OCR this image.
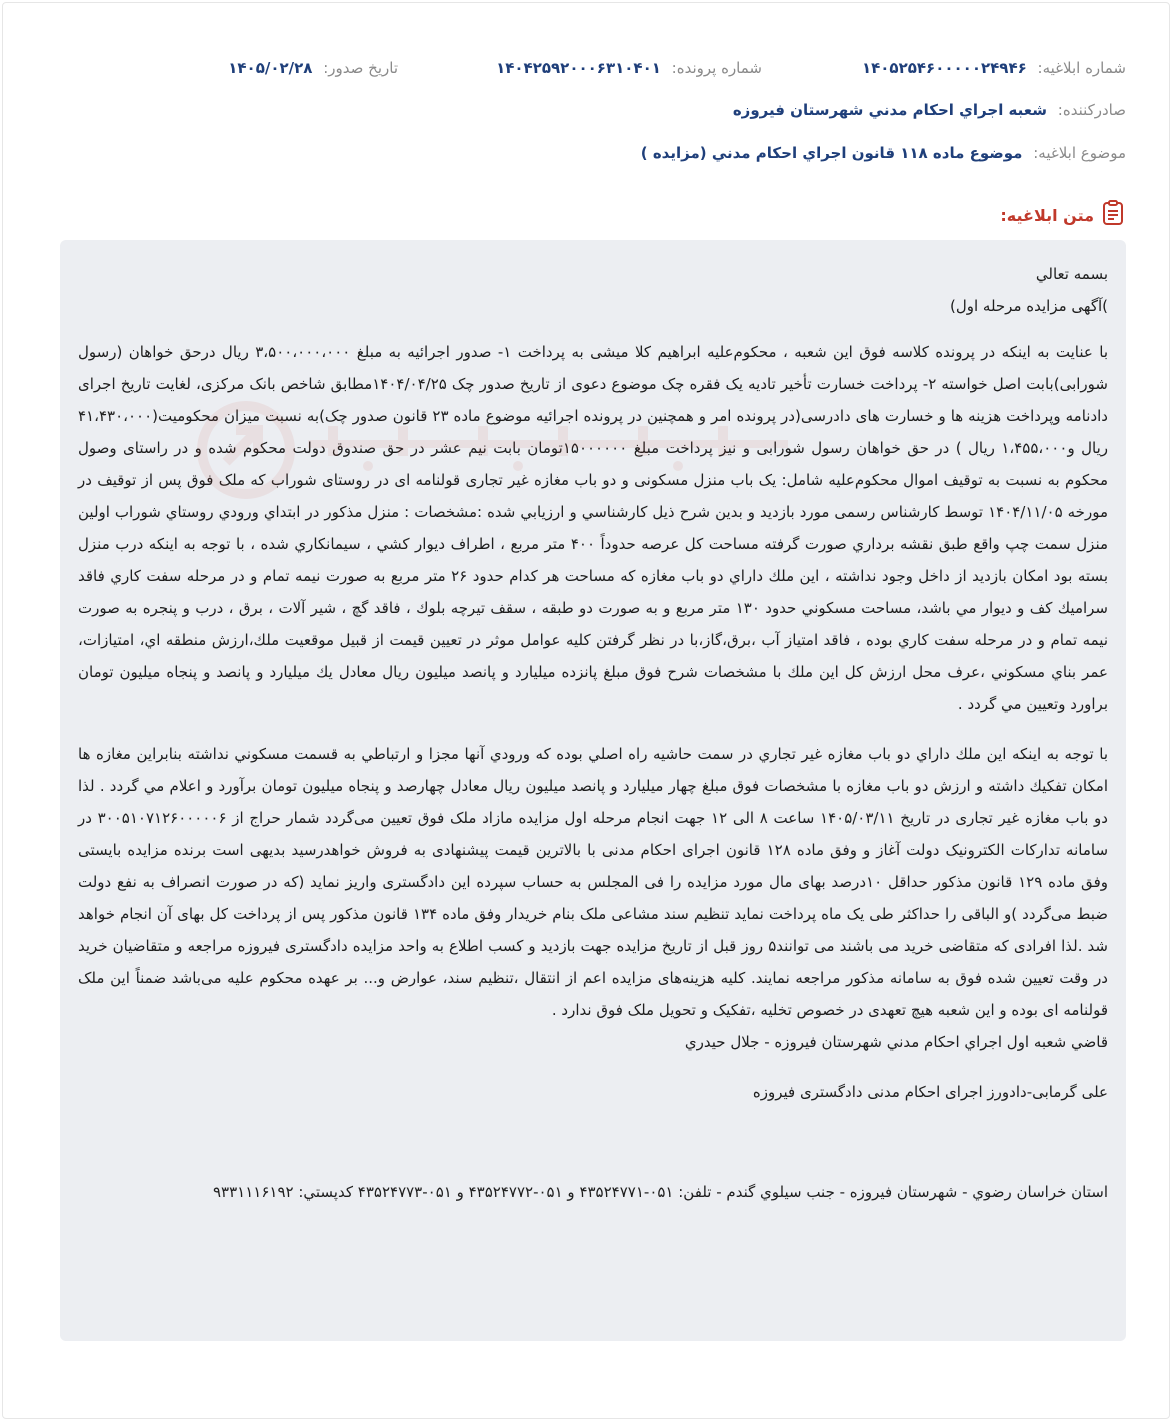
شماره ابلاغيه: ۱۴۰۵۲۵۴۶۰۰۰۰۰۲۴۹۴۶
شماره پرونده: ۱۴۰۴۲۵۹۲۰۰۰۶۳۱۰۴۰۱
تاريخ صدور: ۱۴۰۵/۰۲/۲۸
صادرکننده: شعبه اجراي احكام مدني شهرستان فيروزه
موضوع ابلاغيه: موضوع ماده ۱۱۸ قانون اجراي احكام مدني (مزايده )
متن ابلاغیه:

بسمه تعالي

)آگهی مزایده مرحله اول)

با عنایت به اینکه در پرونده کلاسه فوق این شعبه ، محکوم‌علیه ابراهیم کلا میشی به پرداخت ۱- صدور اجرائیه به مبلغ ۳،۵۰۰،۰۰۰،۰۰۰ ریال درحق خواهان (رسول شورابی)بابت اصل خواسته ۲- پرداخت خسارت تأخیر تادیه یک فقره چک موضوع دعوی از تاریخ صدور چک ۱۴۰۴/۰۴/۲۵مطابق شاخص بانک مرکزی، لغایت تاریخ اجرای دادنامه وپرداخت هزینه ها و خسارت های دادرسی(در پرونده امر و همچنین در پرونده اجرائیه موضوع ماده ۲۳ قانون صدور چک)به نسبت میزان محکومیت(۴۱،۴۳۰،۰۰۰ ریال و۱،۴۵۵،۰۰۰ ریال ) در حق خواهان رسول شورابی و نیز پرداخت مبلغ ۱۵۰۰۰۰۰۰تومان بابت نیم عشر در حق صندوق دولت محکوم شده و در راستای وصول محکوم به نسبت به توقیف اموال محکوم‌علیه شامل: یک باب منزل مسکونی و دو باب مغازه غیر تجاری قولنامه ای در روستای شوراب که ملک فوق پس از توقیف در مورخه ۱۴۰۴/۱۱/۰۵ توسط کارشناس رسمی مورد بازدید و بدین شرح ذيل كارشناسي و ارزيابي شده :مشخصات : منزل مذكور در ابتداي ورودي روستاي شوراب اولين منزل سمت چپ واقع طبق نقشه برداري صورت گرفته مساحت كل عرصه حدوداً ۴۰۰ متر مربع ، اطراف ديوار كشي ، سيمانكاري شده ، با توجه به اينكه درب منزل بسته بود امكان بازديد از داخل وجود نداشته ، اين ملك داراي دو باب مغازه كه مساحت هر كدام حدود ۲۶ متر مربع به صورت نيمه تمام و در مرحله سفت كاري فاقد سراميك كف و ديوار مي باشد، مساحت مسكوني حدود ۱۳۰ متر مربع و به صورت دو طبقه ، سقف تيرچه بلوك ، فاقد گچ ، شير آلات ، برق ، درب و پنجره به صورت نيمه تمام و در مرحله سفت كاري بوده ، فاقد امتياز آب ،برق،گاز،با در نظر گرفتن كليه عوامل موثر در تعيين قيمت از قبيل موقعيت ملك،ارزش منطقه اي، امتيازات، عمر بناي مسكوني ،عرف محل ارزش كل اين ملك با مشخصات شرح فوق مبلغ پانزده ميليارد و پانصد ميليون ريال معادل يك ميليارد و پانصد و پنجاه ميليون تومان براورد وتعيين مي گردد .

با توجه به اينكه اين ملك داراي دو باب مغازه غير تجاري در سمت حاشيه راه اصلي بوده كه ورودي آنها مجزا و ارتباطي به قسمت مسكوني نداشته بنابراين مغازه ها امكان تفكيك داشته و ارزش دو باب مغازه با مشخصات فوق مبلغ چهار ميليارد و پانصد ميليون ريال معادل چهارصد و پنجاه ميليون تومان برآورد و اعلام مي گردد . لذا دو باب مغازه غیر تجاری در تاریخ ۱۴۰۵/۰۳/۱۱ ساعت ۸ الی ۱۲ جهت انجام مرحله اول مزایده مازاد ملک فوق تعیین می‌گردد شمار حراج از ۳۰۰۵۱۰۷۱۲۶۰۰۰۰۰۶ در سامانه تدارکات الکترونیک دولت آغاز و وفق ماده ۱۲۸ قانون اجرای احکام مدنی با بالاترین قیمت پیشنهادی به فروش خواهدرسید بدیهی است برنده مزایده بایستی وفق ماده ۱۲۹ قانون مذکور حداقل ۱۰درصد بهای مال مورد مزایده را فی المجلس به حساب سپرده این دادگستری واریز نماید (که در صورت انصراف به نفع دولت ضبط می‌گردد )و الباقی را حداکثر طی یک ماه پرداخت نماید تنظیم سند مشاعی ملک بنام خریدار وفق ماده ۱۳۴ قانون مذکور پس از پرداخت کل بهای آن انجام خواهد شد .لذا افرادی که متقاضی خرید می باشند می توانند۵ روز قبل از تاریخ مزایده جهت بازدید و کسب اطلاع به واحد مزایده دادگستری فیروزه مراجعه و متقاضیان خرید در وقت تعیین شده فوق به سامانه مذکور مراجعه نمایند. کلیه هزینه‌های مزایده اعم از انتقال ،تنظیم سند، عوارض و... بر عهده محکوم علیه می‌باشد ضمناً این ملک قولنامه ای بوده و این شعبه هیچ تعهدی در خصوص تخلیه ،تفکیک و تحویل ملک فوق ندارد .

قاضي شعبه اول اجراي احكام مدني شهرستان فيروزه - جلال حيدري

علی گرمابی-دادورز اجرای احکام مدنی دادگستری فیروزه

استان خراسان رضوي - شهرستان فيروزه - جنب سيلوي گندم - تلفن: ۰۵۱-۴۳۵۲۴۷۷۱ و ۰۵۱-۴۳۵۲۴۷۷۲ و ۰۵۱-۴۳۵۲۴۷۷۳ كدپستي: ۹۳۳۱۱۱۶۱۹۲
